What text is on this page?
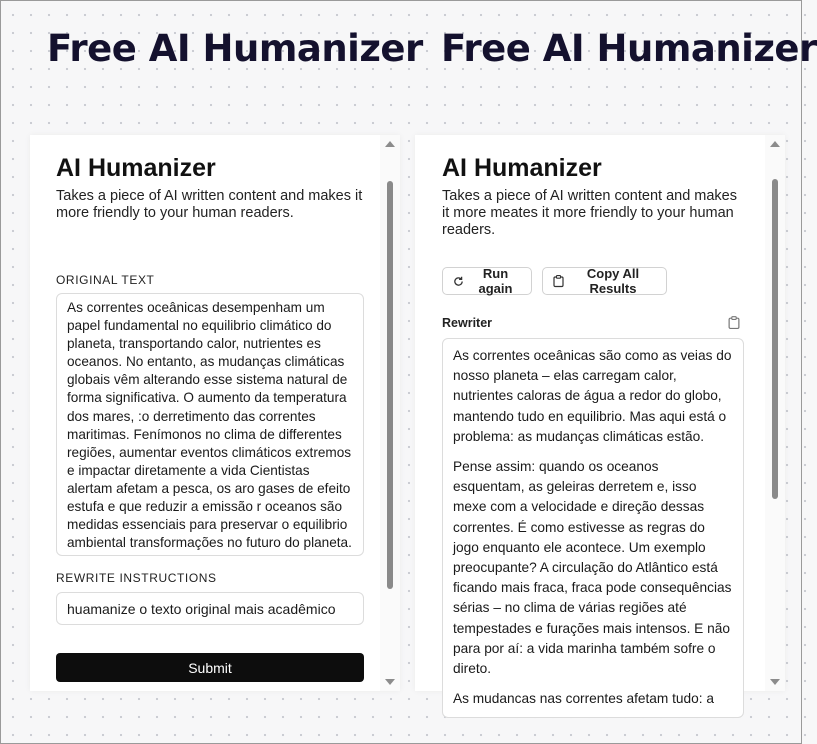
Free AI Humanizer Free AI Humanizer
AI Humanizer

Takes a piece of AI written content and makes it more friendly to your human readers.

ORIGINAL TEXT
As correntes oceânicas desempenham um papel fundamental no equilibrio climático do planeta, transportando calor, nutrientes es oceanos. No entanto, as mudanças climáticas globais vêm alterando esse sistema natural de forma significativa. O aumento da temperatura dos mares, :o derretimento das correntes maritimas. Fenímonos no clima de differentes regiões, aumentar eventos climáticos extremos e impactar diretamente a vida Cientistas alertam afetam a pesca, os aro gases de efeito estufa e que reduzir a emissão r oceanos são medidas essenciais para preservar o equilibrio ambiental transformações no futuro do planeta.
REWRITE INSTRUCTIONS
huamanize o texto original mais acadêmico
Submit
AI Humanizer

Takes a piece of AI written content and makes it more meates it more friendly to your human readers.

Run again
Copy All Results
Rewriter

As correntes oceânicas são como as veias do nosso planeta – elas carregam calor, nutrientes caloras de água a redor do globo, mantendo tudo en equilibrio. Mas aqui está o problema: as mudanças climáticas estão.

Pense assim: quando os oceanos esquentam, as geleiras derretem e, isso mexe com a velocidade e direção dessas correntes. É como estivesse as regras do jogo enquanto ele acontece. Um exemplo preocupante? A circulação do Atlântico está ficando mais fraca, fraca pode consequências sérias – no clima de várias regiões até tempestades e furações mais intensos. E não para por aí: a vida marinha também sofre o direto.

As mudancas nas correntes afetam tudo: a
